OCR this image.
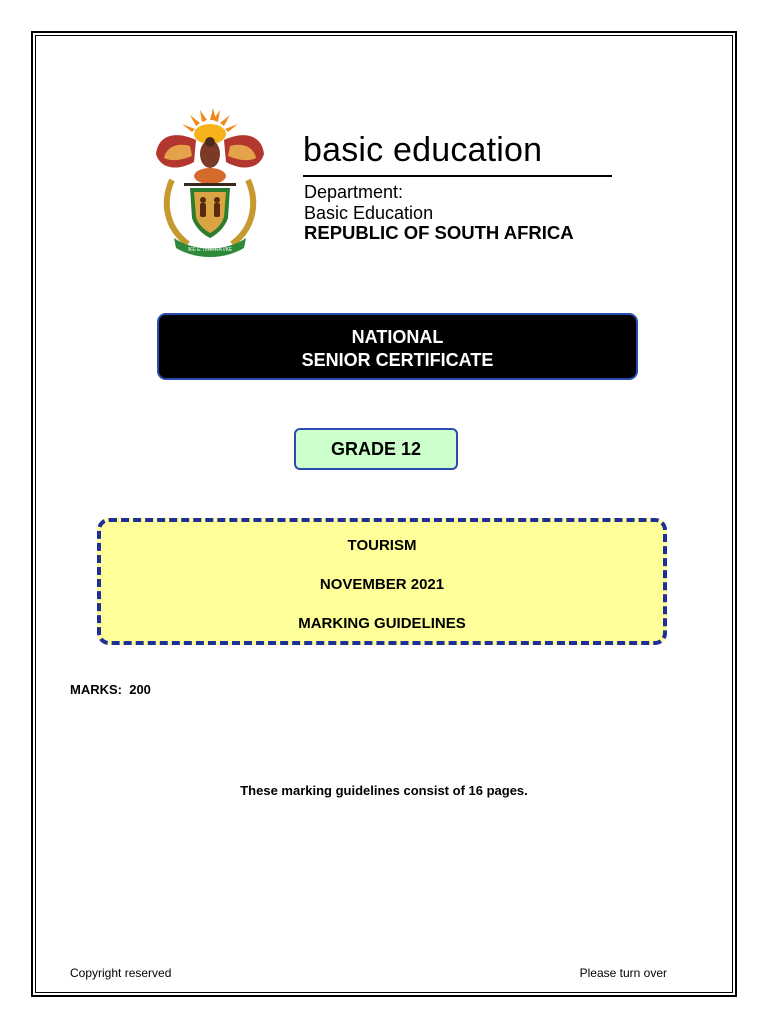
!KE E: /XARRA //KE
basic education
Department:
Basic Education
REPUBLIC OF SOUTH AFRICA
NATIONAL
SENIOR CERTIFICATE
GRADE 12
TOURISM
NOVEMBER 2021
MARKING GUIDELINES
MARKS:  200
These marking guidelines consist of 16 pages.
Copyright reserved	Please turn over
